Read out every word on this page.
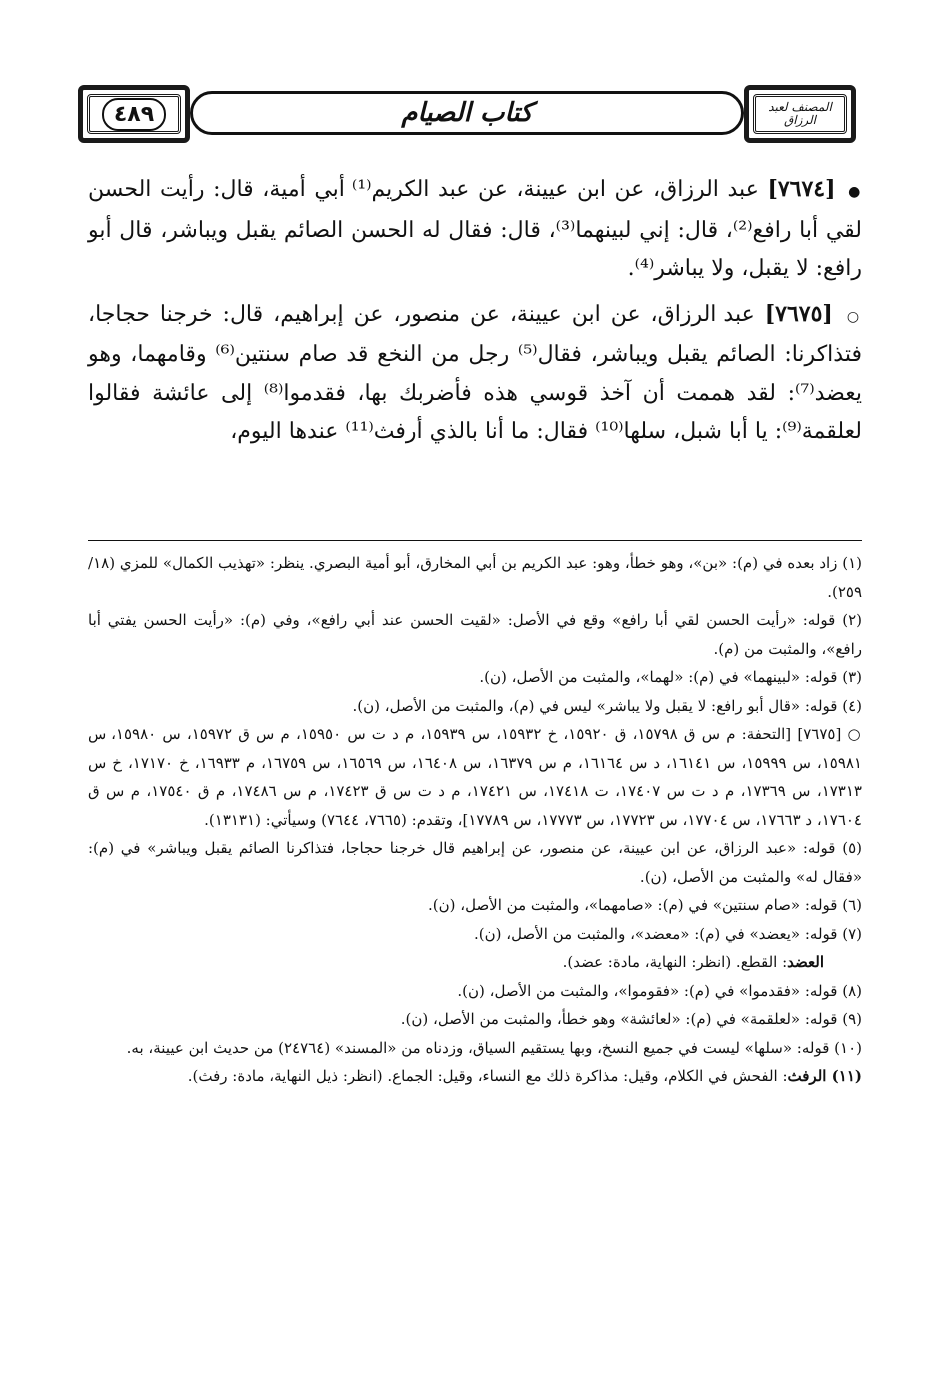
٤٨٩	كتاب الصيام	المصنف لعبد الرزاق

● [٧٦٧٤] عبد الرزاق، عن ابن عيينة، عن عبد الكريم⁽¹⁾ أبي أمية، قال: رأيت الحسن لقي أبا رافع⁽²⁾، قال: إني لبينهما⁽³⁾، قال: فقال له الحسن الصائم يقبل ويباشر، قال أبو رافع: لا يقبل، ولا يباشر⁽⁴⁾.

○ [٧٦٧٥] عبد الرزاق، عن ابن عيينة، عن منصور، عن إبراهيم، قال: خرجنا حجاجا، فتذاكرنا: الصائم يقبل ويباشر، فقال⁽⁵⁾ رجل من النخع قد صام سنتين⁽⁶⁾ وقامهما، وهو يعضد⁽⁷⁾: لقد هممت أن آخذ قوسي هذه فأضربك بها، فقدموا⁽⁸⁾ إلى عائشة فقالوا لعلقمة⁽⁹⁾: يا أبا شبل، سلها⁽¹⁰⁾ فقال: ما أنا بالذي أرفث⁽¹¹⁾ عندها اليوم،

(١) زاد بعده في (م): «بن»، وهو خطأ، وهو: عبد الكريم بن أبي المخارق، أبو أمية البصري. ينظر: «تهذيب الكمال» للمزي (١٨/ ٢٥٩).

(٢) قوله: «رأيت الحسن لقي أبا رافع» وقع في الأصل: «لقيت الحسن عند أبي رافع»، وفي (م): «رأيت الحسن يفتي أبا رافع»، والمثبت من (م).

(٣) قوله: «لبينهما» في (م): «لهما»، والمثبت من الأصل، (ن).

(٤) قوله: «قال أبو رافع: لا يقبل ولا يباشر» ليس في (م)، والمثبت من الأصل، (ن).

○ [٧٦٧٥] [التحفة: م س ق ١٥٧٩٨، ق ١٥٩٢٠، خ ١٥٩٣٢، س ١٥٩٣٩، م د ت س ١٥٩٥٠، م س ق ١٥٩٧٢، س ١٥٩٨٠، س ١٥٩٨١، س ١٥٩٩٩، س ١٦١٤١، د س ١٦١٦٤، م س ١٦٣٧٩، س ١٦٤٠٨، س ١٦٥٦٩، س ١٦٧٥٩، م ١٦٩٣٣، خ ١٧١٧٠، خ س ١٧٣١٣، س ١٧٣٦٩، م د ت س ١٧٤٠٧، ت ١٧٤١٨، س ١٧٤٢١، م د ت س ق ١٧٤٢٣، م س ١٧٤٨٦، م ق ١٧٥٤٠، م س ق ١٧٦٠٤، د ١٧٦٦٣، س ١٧٧٠٤، س ١٧٧٢٣، س ١٧٧٧٣، س ١٧٧٨٩]، وتقدم: (٧٦٦٥، ٧٦٤٤) وسيأتي: (١٣١٣١).

(٥) قوله: «عبد الرزاق، عن ابن عيينة، عن منصور، عن إبراهيم قال خرجنا حجاجا، فتذاكرنا الصائم يقبل ويباشر» في (م): «فقال له» والمثبت من الأصل، (ن).

(٦) قوله: «صام سنتين» في (م): «صامهما»، والمثبت من الأصل، (ن).

(٧) قوله: «يعضد» في (م): «معضد»، والمثبت من الأصل، (ن).

العضد: القطع. (انظر: النهاية، مادة: عضد).

(٨) قوله: «فقدموا» في (م): «فقوموا»، والمثبت من الأصل، (ن).

(٩) قوله: «لعلقمة» في (م): «لعائشة» وهو خطأ، والمثبت من الأصل، (ن).

(١٠) قوله: «سلها» ليست في جميع النسخ، وبها يستقيم السياق، وزدناه من «المسند» (٢٤٧٦٤) من حديث ابن عيينة، به.

(١١) الرفث: الفحش في الكلام، وقيل: مذاكرة ذلك مع النساء، وقيل: الجماع. (انظر: ذيل النهاية، مادة: رفث).
